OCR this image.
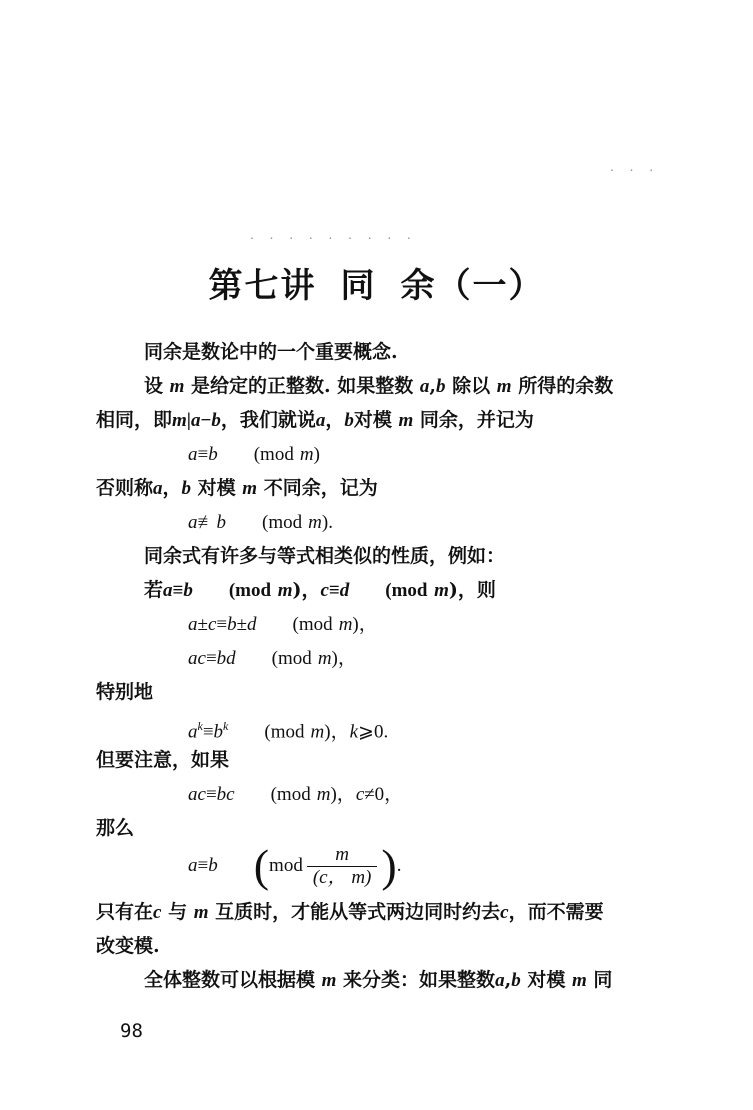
. . .
. . . . . . . . .
第七讲 同 余（一）
同余是数论中的一个重要概念.
设 m 是给定的正整数. 如果整数 a,b 除以 m 所得的余数
相同，即m|a−b，我们就说a，b对模 m 同余，并记为
a≡b (mod m)
否则称a，b 对模 m 不同余，记为
a≢b (mod m).
同余式有许多与等式相类似的性质，例如：
若a≡b (mod m)，c≡d (mod m)，则
a±c≡b±d (mod m)，
ac≡bd (mod m)，
特别地
$a^k\equiv b^k$ (mod m)，k⩾0.
但要注意，如果
ac≡bc (mod m)，c≠0，
那么
a ≡ b ( mod $\frac{m}{(c, m)}$ ) .
只有在c 与 m 互质时，才能从等式两边同时约去c，而不需要
改变模.
全体整数可以根据模 m 来分类：如果整数a,b 对模 m 同
98
